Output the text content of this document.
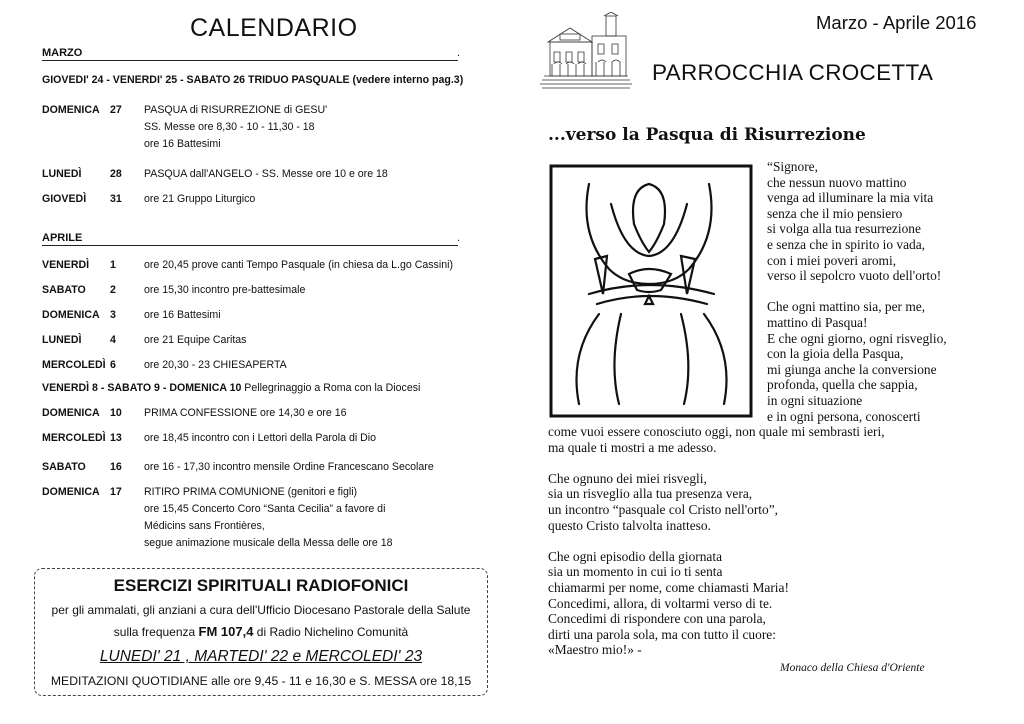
CALENDARIO
MARZO	.
GIOVEDI' 24 - VENERDI' 25 - SABATO 26 TRIDUO PASQUALE (vedere interno pag.3)
DOMENICA 27 PASQUA di RISURREZIONE di GESU'
SS. Messe ore 8,30 - 10 - 11,30 - 18
ore 16 Battesimi
LUNEDÌ	28 PASQUA dall'ANGELO - SS. Messe ore 10 e ore 18
GIOVEDÌ 31 ore 21 Gruppo Liturgico
APRILE	.
VENERDÌ 1	ore 20,45 prove canti Tempo Pasquale (in chiesa da L.go Cassini)
SABATO 2	ore 15,30 incontro pre-battesimale
DOMENICA 3	ore 16 Battesimi
LUNEDÌ	4	ore 21 Equipe Caritas
MERCOLEDÌ 6	ore 20,30 - 23 CHIESAPERTA
VENERDÌ 8 - SABATO 9 - DOMENICA 10 Pellegrinaggio a Roma con la Diocesi
DOMENICA 10 PRIMA CONFESSIONE ore 14,30 e ore 16
MERCOLEDÌ 13 ore 18,45 incontro con i Lettori della Parola di Dio
SABATO 16 ore 16 - 17,30 incontro mensile Ordine Francescano Secolare
DOMENICA 17 RITIRO PRIMA COMUNIONE (genitori e figli)
ore 15,45 Concerto Coro “Santa Cecilia” a favore di
Médicins sans Frontières,
segue animazione musicale della Messa delle ore 18
ESERCIZI SPIRITUALI RADIOFONICI
per gli ammalati, gli anziani a cura dell'Ufficio Diocesano Pastorale della Salute
sulla frequenza FM 107,4 di Radio Nichelino Comunità
LUNEDI' 21 , MARTEDI' 22 e MERCOLEDI' 23
MEDITAZIONI QUOTIDIANE alle ore 9,45 - 11 e 16,30 e S. MESSA ore 18,15
Marzo - Aprile 2016
PARROCCHIA CROCETTA
...verso la Pasqua di Risurrezione
“Signore,
che nessun nuovo mattino
venga ad illuminare la mia vita
senza che il mio pensiero
si volga alla tua resurrezione
e senza che in spirito io vada,
con i miei poveri aromi,
verso il sepolcro vuoto dell'orto!
Che ogni mattino sia, per me,
mattino di Pasqua!
E che ogni giorno, ogni risveglio,
con la gioia della Pasqua,
mi giunga anche la conversione
profonda, quella che sappia,
in ogni situazione
e in ogni persona, conoscerti
come vuoi essere conosciuto oggi, non quale mi sembrasti ieri,
ma quale ti mostri a me adesso.
Che ognuno dei miei risvegli,
sia un risveglio alla tua presenza vera,
un incontro “pasquale col Cristo nell'orto”,
questo Cristo talvolta inatteso.
Che ogni episodio della giornata
sia un momento in cui io ti senta
chiamarmi per nome, come chiamasti Maria!
Concedimi, allora, di voltarmi verso di te.
Concedimi di rispondere con una parola,
dirti una parola sola, ma con tutto il cuore:
«Maestro mio!» -
Monaco della Chiesa d'Oriente
